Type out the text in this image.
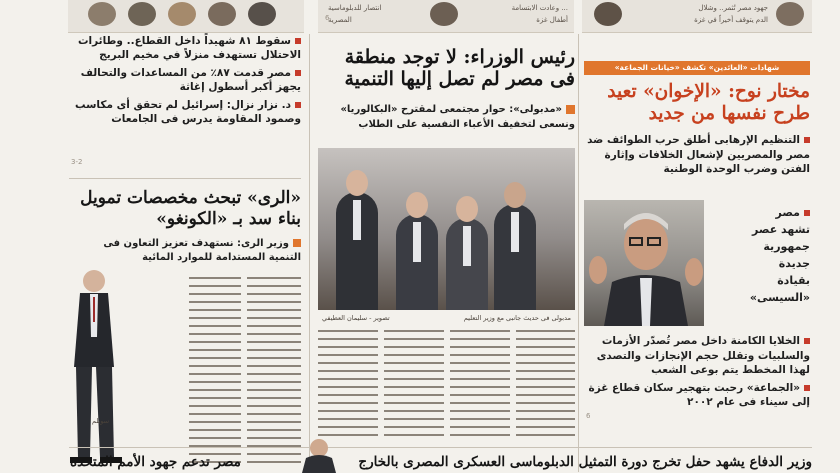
... وعادت الابتسامة
أطفال غزة
انتصار للدبلوماسية
المصرية
6
جهود مصر تُثمر.. وشلال
الدم يتوقف أخيراً في غزة
سقوط ٨١ شهيداً داخل القطاع.. وطائرات الاحتلال تستهدف منزلاً في مخيم البريج
مصر قدمت ٨٧٪ من المساعدات والتحالف يجهز أكبر أسطول إغاثة
د. نزار نزال: إسرائيل لم تحقق أى مكاسب وصمود المقاومة يدرس فى الجامعات
3-2
«الرى» تبحث مخصصات تمويل بناء سد بـ «الكونغو»
وزير الرى: نستهدف تعزيز التعاون فى التنمية المستدامة للموارد المائية
سويلم
رئيس الوزراء: لا توجد منطقة فى مصر لم تصل إليها التنمية
«مدبولى»: حوار مجتمعى لمقترح «البكالوريا» ونسعى لتخفيف الأعباء النفسية على الطلاب
تصوير - سليمان العطيفي	مدبولى فى حديث جانبى مع وزير التعليم
شهادات «العائدين» تكشف «خيانات الجماعة»
مختار نوح: «الإخوان» تعيد طرح نفسها من جديد
التنظيم الإرهابى أطلق حرب الطوائف ضد مصر والمصريين لإشعال الخلافات وإثارة الفتن وضرب الوحدة الوطنية
مصر
تشهد عصر
جمهورية
جديدة
بقيادة
«السيسى»
الخلايا الكامنة داخل مصر تُصدّر الأزمات والسلبيات وتقلل حجم الإنجازات والتصدى لهذا المخطط يتم بوعى الشعب
«الجماعة» رحبت بتهجير سكان قطاع غزة إلى سيناء فى عام ٢٠٠٢
6
وزير الدفاع يشهد حفل تخرج دورة التمثيل الدبلوماسى العسكرى المصرى بالخارج
مصر تدعم جهود الأمم المتحدة
